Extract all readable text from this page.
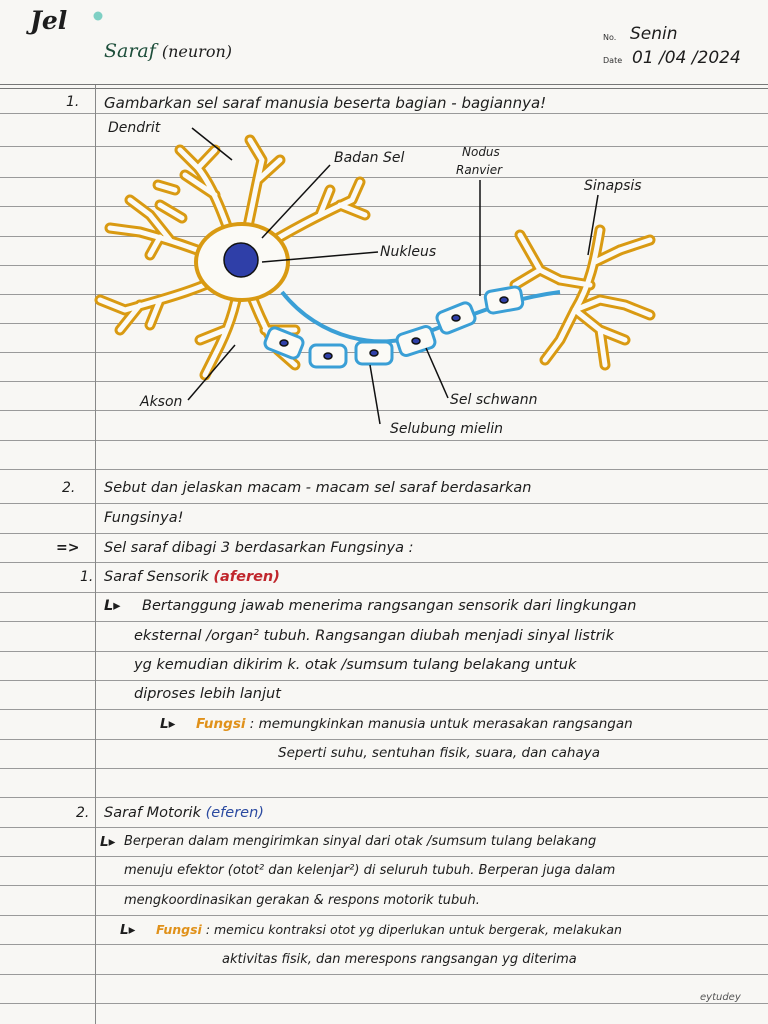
Jel
Saraf (neuron)
No. Senin
Date 01 /04 /2024
1. Gambarkan sel saraf manusia beserta bagian - bagiannya!
Dendrit
Badan Sel	Nodus
Ranvier
Sinapsis
Nukleus
Akson	Sel schwann
Selubung mielin
2. Sebut dan jelaskan macam - macam sel saraf berdasarkan
Fungsinya!
=> Sel saraf dibagi 3 berdasarkan Fungsinya :
1. Saraf Sensorik (aferen)
L▸ Bertanggung jawab menerima rangsangan sensorik dari lingkungan
eksternal /organ² tubuh. Rangsangan diubah menjadi sinyal listrik
yg kemudian dikirim k. otak /sumsum tulang belakang untuk
diproses lebih lanjut
L▸ Fungsi : memungkinkan manusia untuk merasakan rangsangan
Seperti suhu, sentuhan fisik, suara, dan cahaya
2. Saraf Motorik (eferen)
L▸ Berperan dalam mengirimkan sinyal dari otak /sumsum tulang belakang
menuju efektor (otot² dan kelenjar²) di seluruh tubuh. Berperan juga dalam
mengkoordinasikan gerakan & respons motorik tubuh.
L▸ Fungsi : memicu kontraksi otot yg diperlukan untuk bergerak, melakukan
aktivitas fisik, dan merespons rangsangan yg diterima
eytudey
